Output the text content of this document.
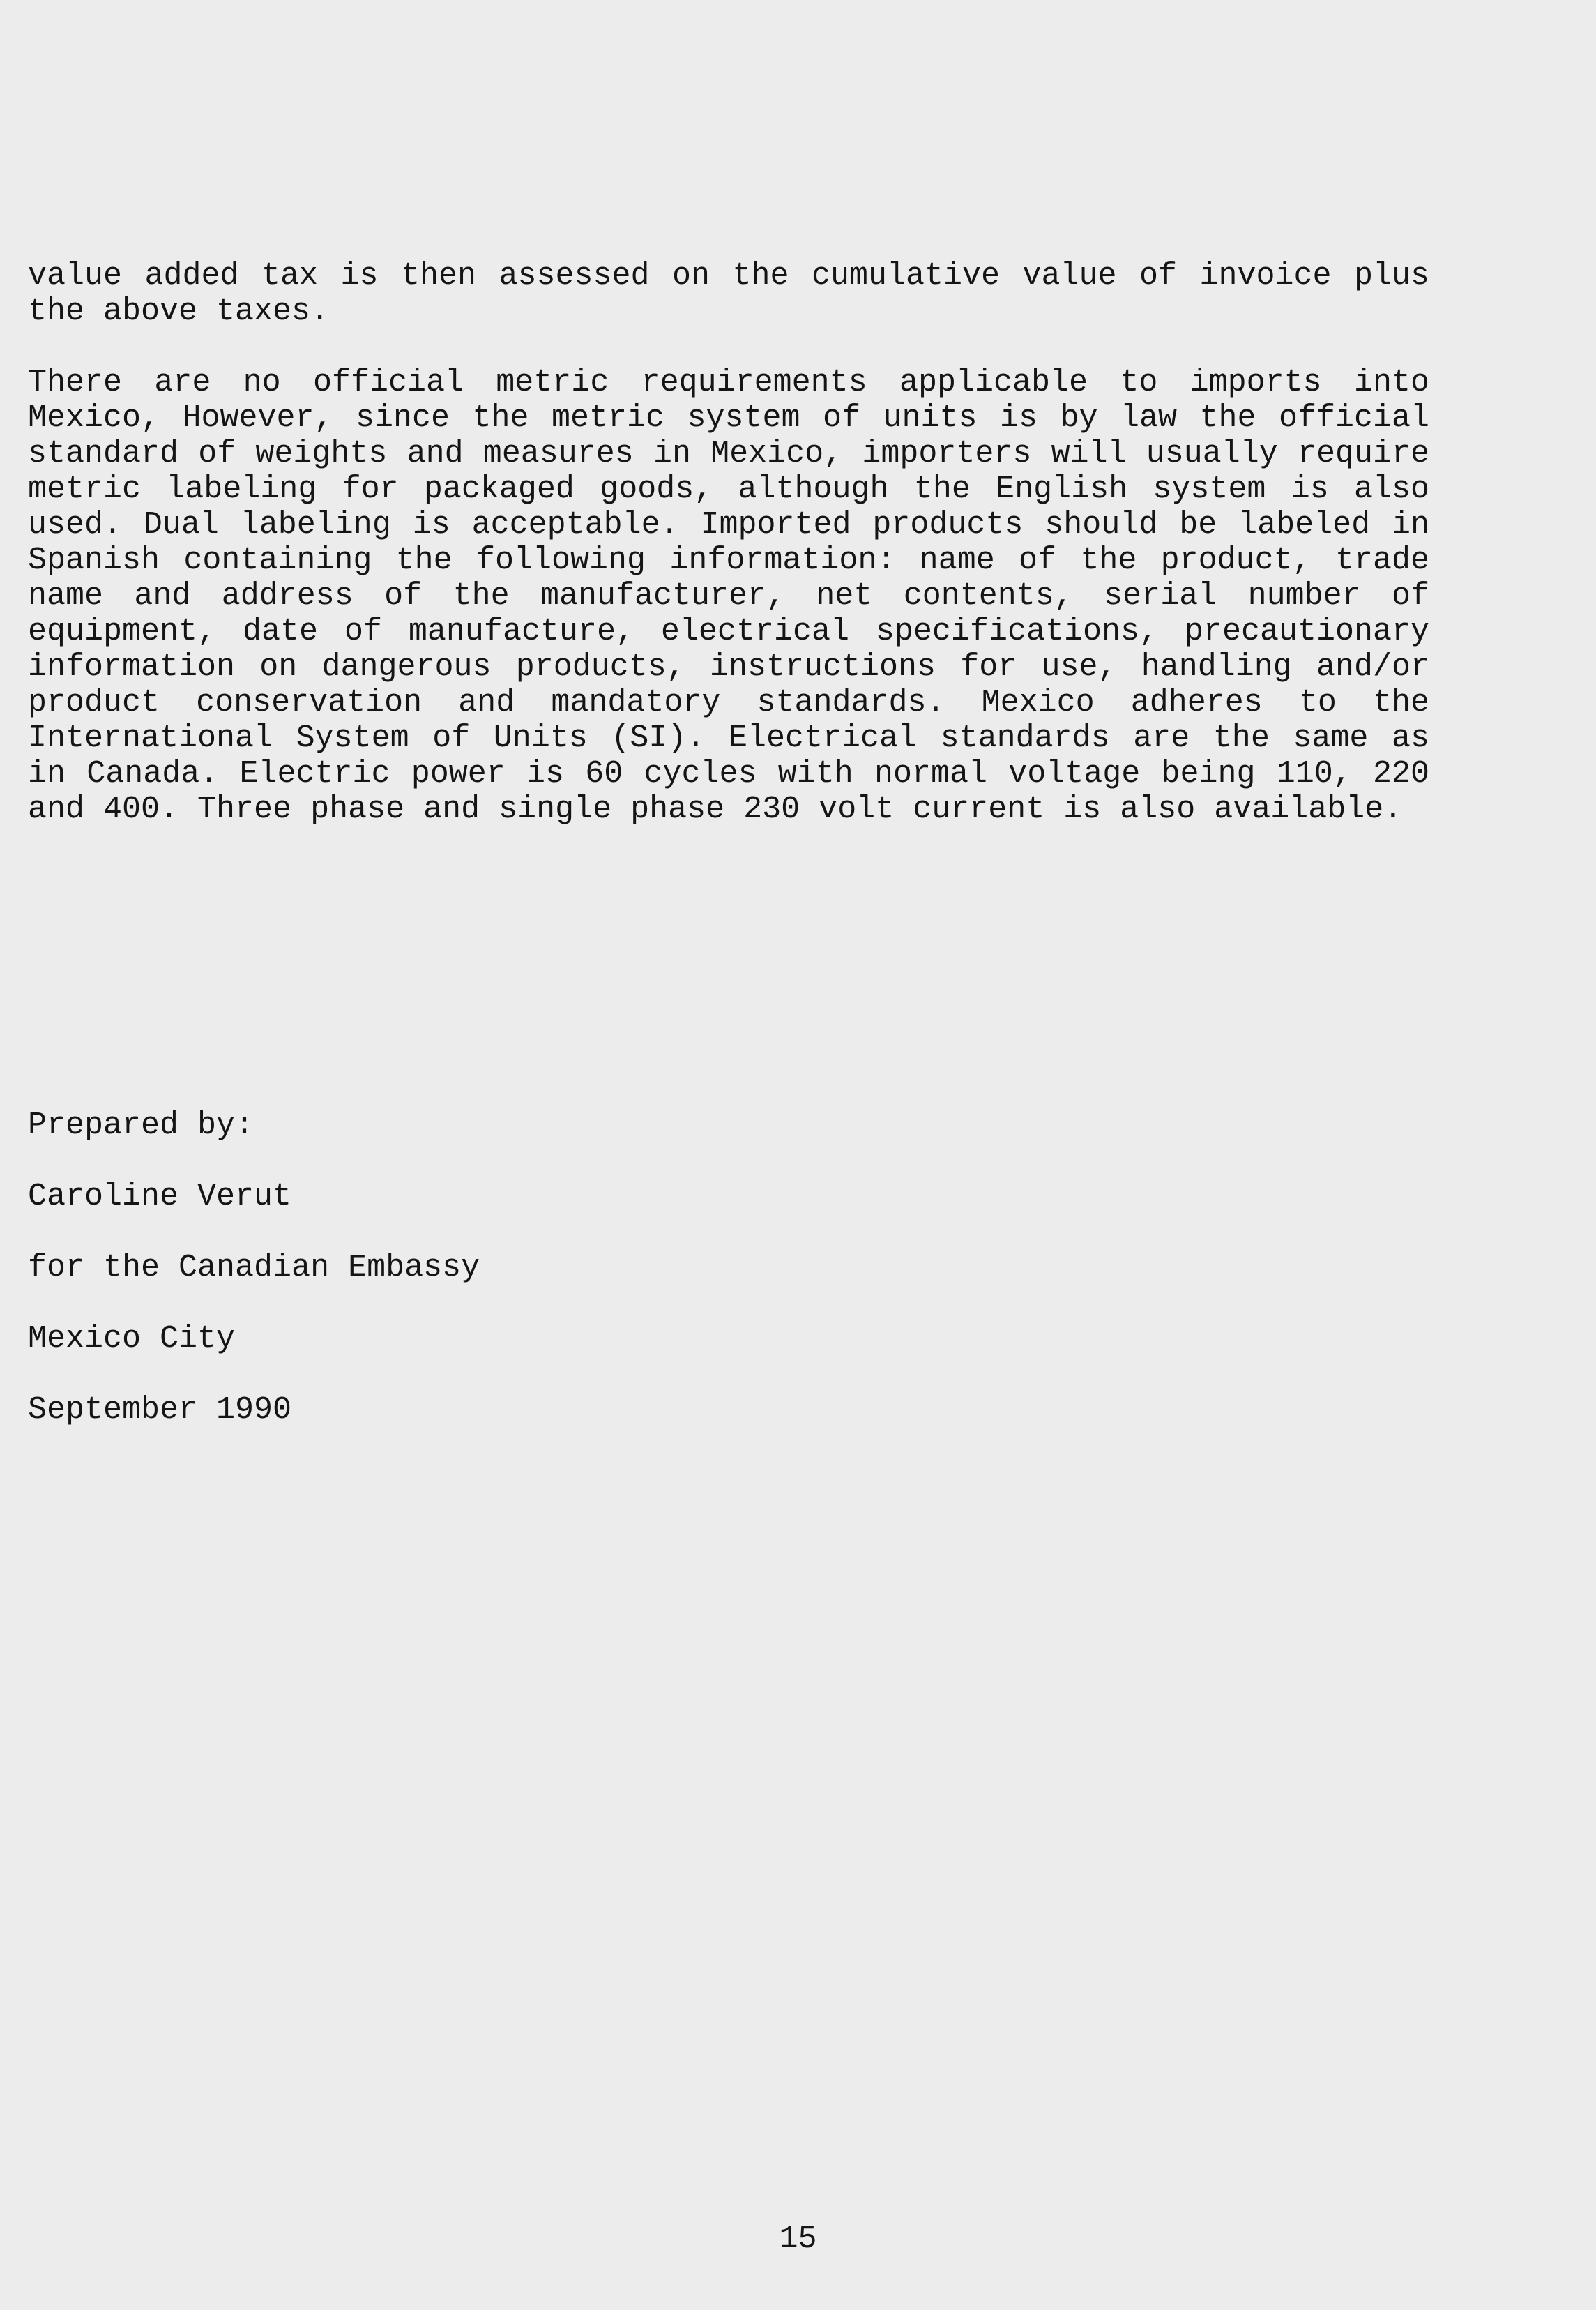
value added tax is then assessed on the cumulative value of invoice plus the above taxes.

There are no official metric requirements applicable to imports into Mexico, However, since the metric system of units is by law the official standard of weights and measures in Mexico, importers will usually require metric labeling for packaged goods, although the English system is also used. Dual labeling is acceptable. Imported products should be labeled in Spanish containing the following information: name of the product, trade name and address of the manufacturer, net contents, serial number of equipment, date of manufacture, electrical specifications, precautionary information on dangerous products, instructions for use, handling and/or product conservation and mandatory standards. Mexico adheres to the International System of Units (SI). Electrical standards are the same as in Canada. Electric power is 60 cycles with normal voltage being 110, 220 and 400. Three phase and single phase 230 volt current is also available.

Prepared by:

Caroline Verut

for the Canadian Embassy

Mexico City

September 1990

15
